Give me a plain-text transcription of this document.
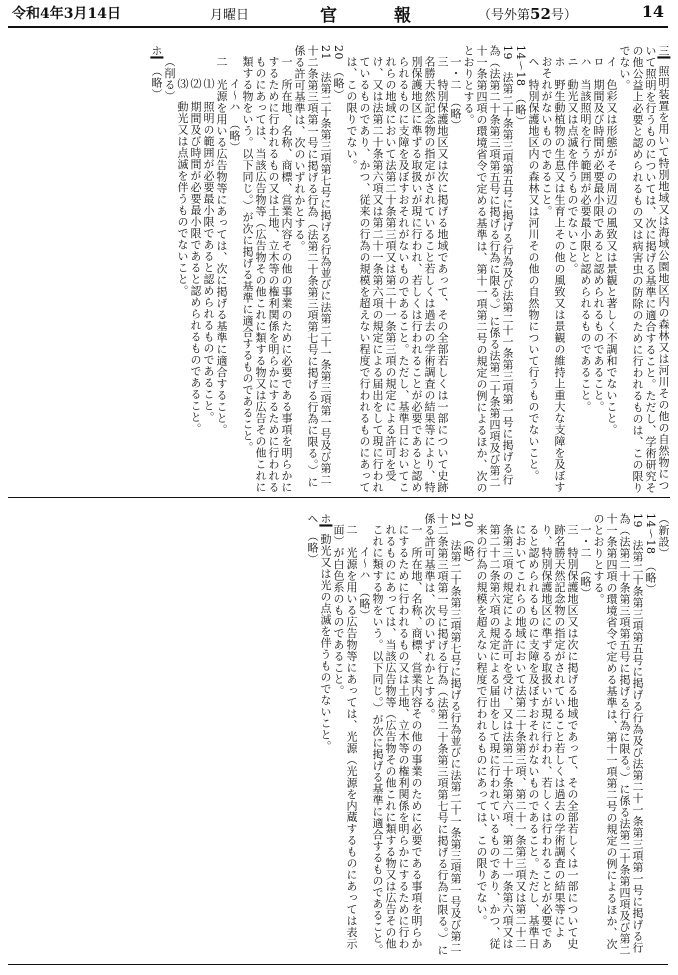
令和4年3月14日	月曜日	官　報	（号外第52号）	14
三▎照明装置を用いて特別地域又は海域公園地区内の森林又は河川その他の自然物について照明を行うものについては、次に掲げる基準に適合すること。ただし、学術研究その他公益上必要と認められるもの又は病害虫の防除のために行われるものは、この限りでない。
イ　色彩又は形態がその周辺の風致又は景観と著しく不調和でないこと。
ロ　期間及び時間が必要最小限であると認められるものであること。
ハ　当該照明を行う範囲が必要最小限と認められるものであること。
ニ　動光又は点滅を伴うものでないこと。
ホ　野生動植物の生息又は生育上その他の風致又は景観の維持上重大な支障を及ぼすおそれがないものであること。
ヘ　特別保護地区内の森林又は河川その他の自然物について行うものでないこと。
14〜18　（略）
19　法第二十条第三項第五号に掲げる行為及び法第二十一条第三項第一号に掲げる行為（法第二十条第三項第五号に掲げる行為に限る。）に係る法第二十条第四項及び第二十一条第四項の環境省令で定める基準は、第十一項第二号の規定の例によるほか、次のとおりとする。
一・二　（略）
三　特別保護地区又は次に掲げる地域であって、その全部若しくは一部について史跡名勝天然記念物の指定がされていること若しくは過去の学術調査の結果等により、特別保護地区に準ずる取扱いが現に行われ、若しくは行われることが必要であると認められるものに支障を及ぼすおそれがないものであること。ただし、基準日においてこれらの地域において法第二十条第三項又は第二十一条第三項の規定による許可を受け、又は法第二十条第六項又は第二十一条第六項の規定による届出をして現に行われているものであり、かつ、従来の行為の規模を超えない程度で行われるものにあっては、この限りでない。
20　（略）
21　法第二十条第三項第七号に掲げる行為並びに法第二十一条第三項第一号及び第二十二条第三項第一号に掲げる行為（法第二十条第三項第七号に掲げる行為に限る。）に係る許可基準は、次のいずれかとする。
一　所在地、名称、商標、営業内容その他の事業のために必要である事項を明らかにするために行われるもの又は土地、立木等の権利関係を明らかにするために行われるものにあっては、当該広告物等（広告物その他これに類する物又は広告その他これに類する物をいう。以下同じ。）が次に掲げる基準に適合するものであること。
イ〜ハ　（略）
二　光源を用いる広告物等にあっては、次に掲げる基準に適合すること。
⑴　照明の範囲が必要最小限であると認められるものであること。
⑵　期間及び時間が必要最小限であると認められるものであること。
⑶　動光又は点滅を伴うものでないこと。
（削る）
ホ▎（略）
（新設）
14〜18　（略）
19　法第二十条第三項第五号に掲げる行為及び法第二十一条第三項第一号に掲げる行為（法第二十条第三項第五号に掲げる行為に限る。）に係る法第二十条第四項及び第二十一条第四項の環境省令で定める基準は、第十一項第二号の規定の例によるほか、次のとおりとする。
一・二　（略）
三　特別保護地区又は次に掲げる地域であって、その全部若しくは一部について史跡名勝天然記念物の指定がされていること若しくは過去の学術調査の結果等により、特別保護地区に準ずる取扱いが現に行われ、若しくは行われることが必要であると認められるものに支障を及ぼすおそれがないものであること。ただし、基準日においてこれらの地域において法第二十条第三項、第二十一条第三項又は第二十二条第三項の規定による許可を受け、又は法第二十条第六項、第二十一条第六項又は第二十二条第六項の規定による届出をして現に行われているものであり、かつ、従来の行為の規模を超えない程度で行われるものにあっては、この限りでない。
20　（略）
21　法第二十条第三項第七号に掲げる行為並びに法第二十一条第三項第一号及び第二十二条第三項第一号に掲げる行為（法第二十条第三項第七号に掲げる行為に限る。）に係る許可基準は、次のいずれかとする。
一　所在地、名称、商標、営業内容その他の事業のために必要である事項を明らかにするために行われるもの又は土地、立木等の権利関係を明らかにするために行われるものにあっては、当該広告物等（広告物その他これに類する物又は広告その他これに類する物をいう。以下同じ。）が次に掲げる基準に適合するものであること。
イ〜ハ　（略）
二　光源を用いる広告物等にあっては、光源（光源を内蔵するものにあっては表示面）が白色系のものであること。
ホ▎動光又は光の点滅を伴うものでないこと。
ヘ　（略）
